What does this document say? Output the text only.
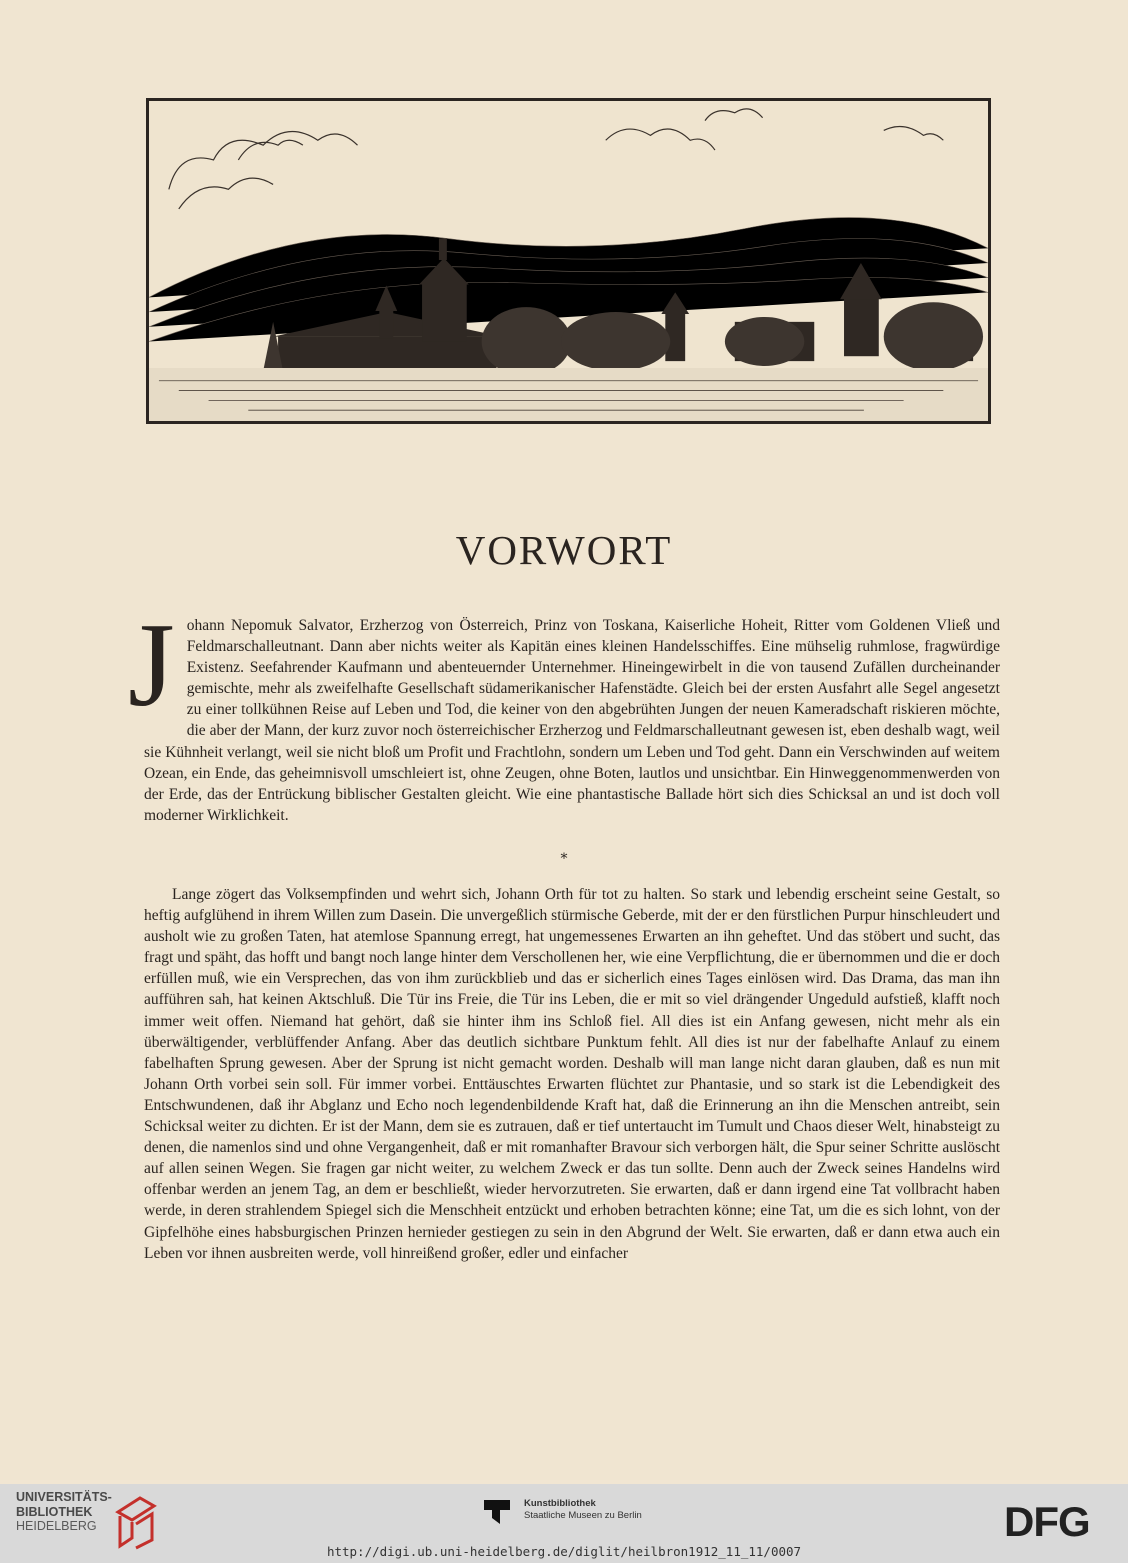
VORWORT
Johann Nepomuk Salvator, Erzherzog von Österreich, Prinz von Toskana, Kaiserliche Hoheit, Ritter vom Goldenen Vließ und Feldmarschalleutnant. Dann aber nichts weiter als Kapitän eines kleinen Handelsschiffes. Eine mühselig ruhmlose, fragwürdige Existenz. Seefahrender Kaufmann und abenteuernder Unternehmer. Hineingewirbelt in die von tausend Zufällen durcheinander gemischte, mehr als zweifelhafte Gesellschaft südamerikanischer Hafenstädte. Gleich bei der ersten Ausfahrt alle Segel angesetzt zu einer tollkühnen Reise auf Leben und Tod, die keiner von den abgebrühten Jungen der neuen Kameradschaft riskieren möchte, die aber der Mann, der kurz zuvor noch österreichischer Erzherzog und Feldmarschalleutnant gewesen ist, eben deshalb wagt, weil sie Kühnheit verlangt, weil sie nicht bloß um Profit und Frachtlohn, sondern um Leben und Tod geht. Dann ein Verschwinden auf weitem Ozean, ein Ende, das geheimnisvoll umschleiert ist, ohne Zeugen, ohne Boten, lautlos und unsichtbar. Ein Hinweggenommenwerden von der Erde, das der Entrückung biblischer Gestalten gleicht. Wie eine phantastische Ballade hört sich dies Schicksal an und ist doch voll moderner Wirklichkeit.
*
Lange zögert das Volksempfinden und wehrt sich, Johann Orth für tot zu halten. So stark und lebendig erscheint seine Gestalt, so heftig aufglühend in ihrem Willen zum Dasein. Die unvergeßlich stürmische Geberde, mit der er den fürstlichen Purpur hinschleudert und ausholt wie zu großen Taten, hat atemlose Spannung erregt, hat ungemessenes Erwarten an ihn geheftet. Und das stöbert und sucht, das fragt und späht, das hofft und bangt noch lange hinter dem Verschollenen her, wie eine Verpflichtung, die er übernommen und die er doch erfüllen muß, wie ein Versprechen, das von ihm zurückblieb und das er sicherlich eines Tages einlösen wird. Das Drama, das man ihn aufführen sah, hat keinen Aktschluß. Die Tür ins Freie, die Tür ins Leben, die er mit so viel drängender Ungeduld aufstieß, klafft noch immer weit offen. Niemand hat gehört, daß sie hinter ihm ins Schloß fiel. All dies ist ein Anfang gewesen, nicht mehr als ein überwältigender, verblüffender Anfang. Aber das deutlich sichtbare Punktum fehlt. All dies ist nur der fabelhafte Anlauf zu einem fabelhaften Sprung gewesen. Aber der Sprung ist nicht gemacht worden. Deshalb will man lange nicht daran glauben, daß es nun mit Johann Orth vorbei sein soll. Für immer vorbei. Enttäuschtes Erwarten flüchtet zur Phantasie, und so stark ist die Lebendigkeit des Entschwundenen, daß ihr Abglanz und Echo noch legendenbildende Kraft hat, daß die Erinnerung an ihn die Menschen antreibt, sein Schicksal weiter zu dichten. Er ist der Mann, dem sie es zutrauen, daß er tief untertaucht im Tumult und Chaos dieser Welt, hinabsteigt zu denen, die namenlos sind und ohne Vergangenheit, daß er mit romanhafter Bravour sich verborgen hält, die Spur seiner Schritte auslöscht auf allen seinen Wegen. Sie fragen gar nicht weiter, zu welchem Zweck er das tun sollte. Denn auch der Zweck seines Handelns wird offenbar werden an jenem Tag, an dem er beschließt, wieder hervorzutreten. Sie erwarten, daß er dann irgend eine Tat vollbracht haben werde, in deren strahlendem Spiegel sich die Menschheit entzückt und erhoben betrachten könne; eine Tat, um die es sich lohnt, von der Gipfelhöhe eines habsburgischen Prinzen hernieder gestiegen zu sein in den Abgrund der Welt. Sie erwarten, daß er dann etwa auch ein Leben vor ihnen ausbreiten werde, voll hinreißend großer, edler und einfacher
UNIVERSITÄTS-
BIBLIOTHEK
HEIDELBERG
Kunstbibliothek
Staatliche Museen zu Berlin	DFG
http://digi.ub.uni-heidelberg.de/diglit/heilbron1912_11_11/0007
